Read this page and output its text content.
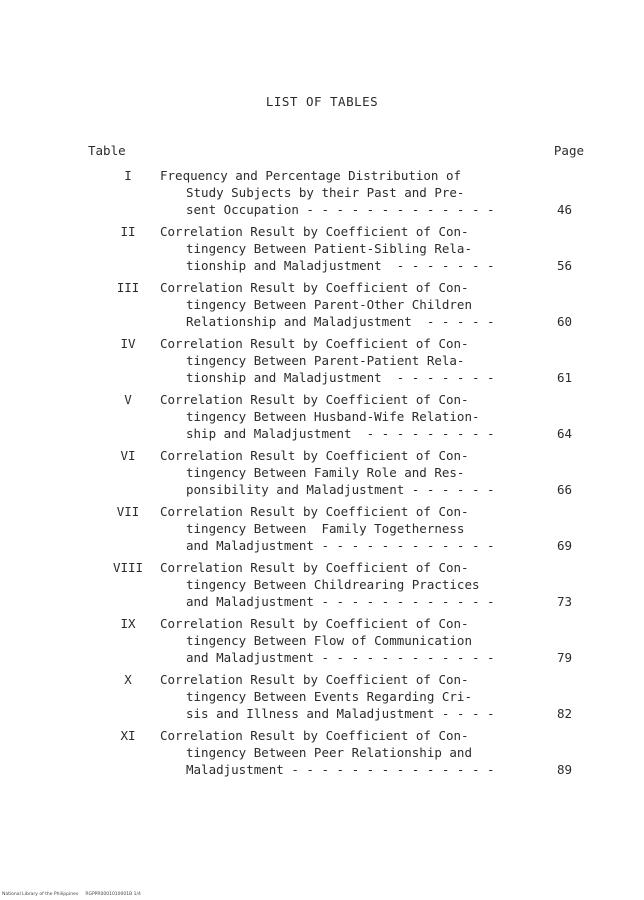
LIST OF TABLES
Table	Page
I	Frequency and Percentage Distribution of
Study Subjects by their Past and Pre-
sent Occupation - - - - - - - - - - - - -	46
II	Correlation Result by Coefficient of Con-
tingency Between Patient-Sibling Rela-
tionship and Maladjustment  - - - - - - -	56
III	Correlation Result by Coefficient of Con-
tingency Between Parent-Other Children
Relationship and Maladjustment  - - - - -	60
IV	Correlation Result by Coefficient of Con-
tingency Between Parent-Patient Rela-
tionship and Maladjustment  - - - - - - -	61
V	Correlation Result by Coefficient of Con-
tingency Between Husband-Wife Relation-
ship and Maladjustment  - - - - - - - - -	64
VI	Correlation Result by Coefficient of Con-
tingency Between Family Role and Res-
ponsibility and Maladjustment - - - - - -	66
VII	Correlation Result by Coefficient of Con-
tingency Between  Family Togetherness
and Maladjustment - - - - - - - - - - - -	69
VIII	Correlation Result by Coefficient of Con-
tingency Between Childrearing Practices
and Maladjustment - - - - - - - - - - - -	73
IX	Correlation Result by Coefficient of Con-
tingency Between Flow of Communication
and Maladjustment - - - - - - - - - - - -	79
X	Correlation Result by Coefficient of Con-
tingency Between Events Regarding Cri-
sis and Illness and Maladjustment - - - -	82
XI	Correlation Result by Coefficient of Con-
tingency Between Peer Relationship and
Maladjustment - - - - - - - - - - - - - -	89
National Library of the Philippines     RGPPR0001010001B 1/4
